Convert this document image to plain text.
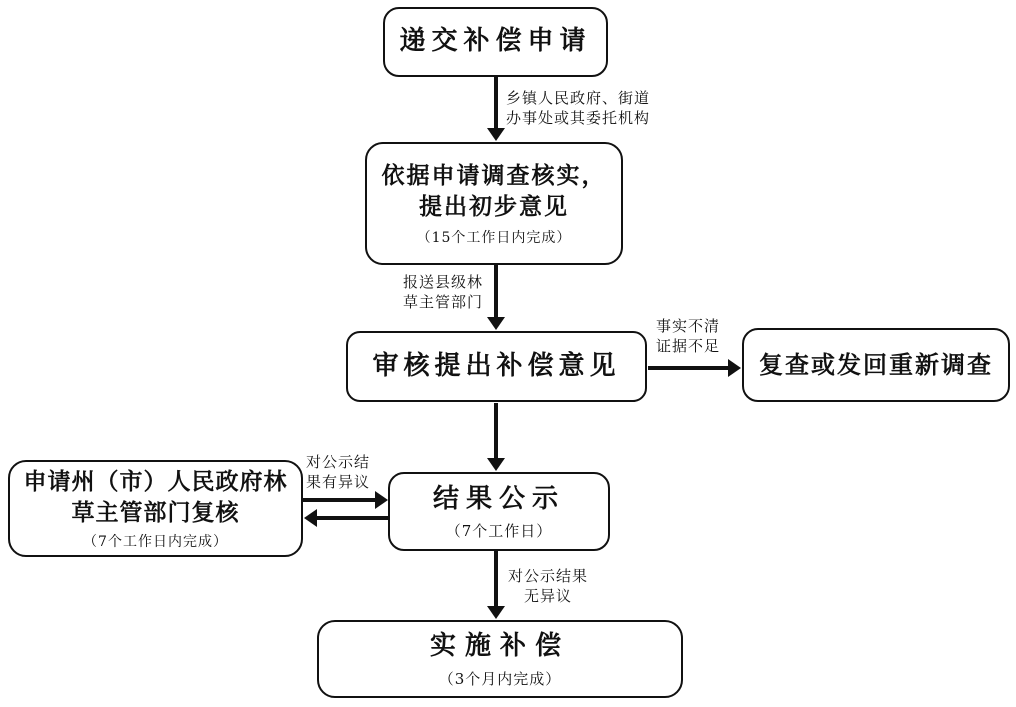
递交补偿申请
依据申请调查核实，
提出初步意见
（15个工作日内完成）
审核提出补偿意见	复查或发回重新调查
结果公示
（7个工作日）
申请州（市）人民政府林
草主管部门复核
（7个工作日内完成）
实施补偿
（3个月内完成）
乡镇人民政府、街道
办事处或其委托机构
报送县级林
草主管部门
事实不清
证据不足
对公示结
果有异议
对公示结果
无异议
